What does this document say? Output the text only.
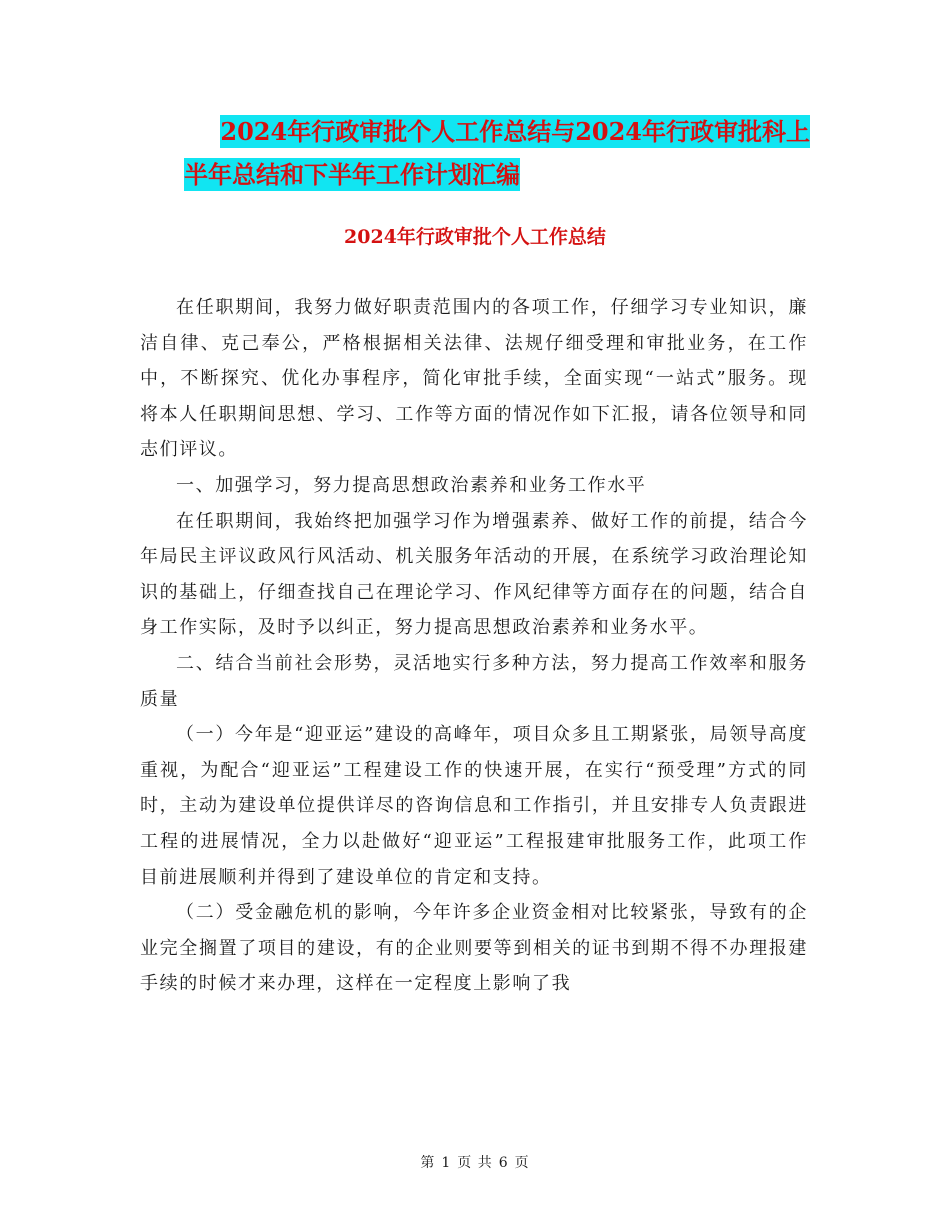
2024年行政审批个人工作总结与2024年行政审批科上
半年总结和下半年工作计划汇编
2024年行政审批个人工作总结

在任职期间，我努力做好职责范围内的各项工作，仔细学习专业知识，廉洁自律、克己奉公，严格根据相关法律、法规仔细受理和审批业务，在工作中，不断探究、优化办事程序，简化审批手续，全面实现“一站式”服务。现将本人任职期间思想、学习、工作等方面的情况作如下汇报，请各位领导和同志们评议。

一、加强学习，努力提高思想政治素养和业务工作水平

在任职期间，我始终把加强学习作为增强素养、做好工作的前提，结合今年局民主评议政风行风活动、机关服务年活动的开展，在系统学习政治理论知识的基础上，仔细查找自己在理论学习、作风纪律等方面存在的问题，结合自身工作实际，及时予以纠正，努力提高思想政治素养和业务水平。

二、结合当前社会形势，灵活地实行多种方法，努力提高工作效率和服务质量

（一）今年是“迎亚运”建设的高峰年，项目众多且工期紧张，局领导高度重视，为配合“迎亚运”工程建设工作的快速开展，在实行“预受理”方式的同时，主动为建设单位提供详尽的咨询信息和工作指引，并且安排专人负责跟进工程的进展情况，全力以赴做好“迎亚运”工程报建审批服务工作，此项工作目前进展顺利并得到了建设单位的肯定和支持。

（二）受金融危机的影响，今年许多企业资金相对比较紧张，导致有的企业完全搁置了项目的建设，有的企业则要等到相关的证书到期不得不办理报建手续的时候才来办理，这样在一定程度上影响了我

第 1 页 共 6 页
